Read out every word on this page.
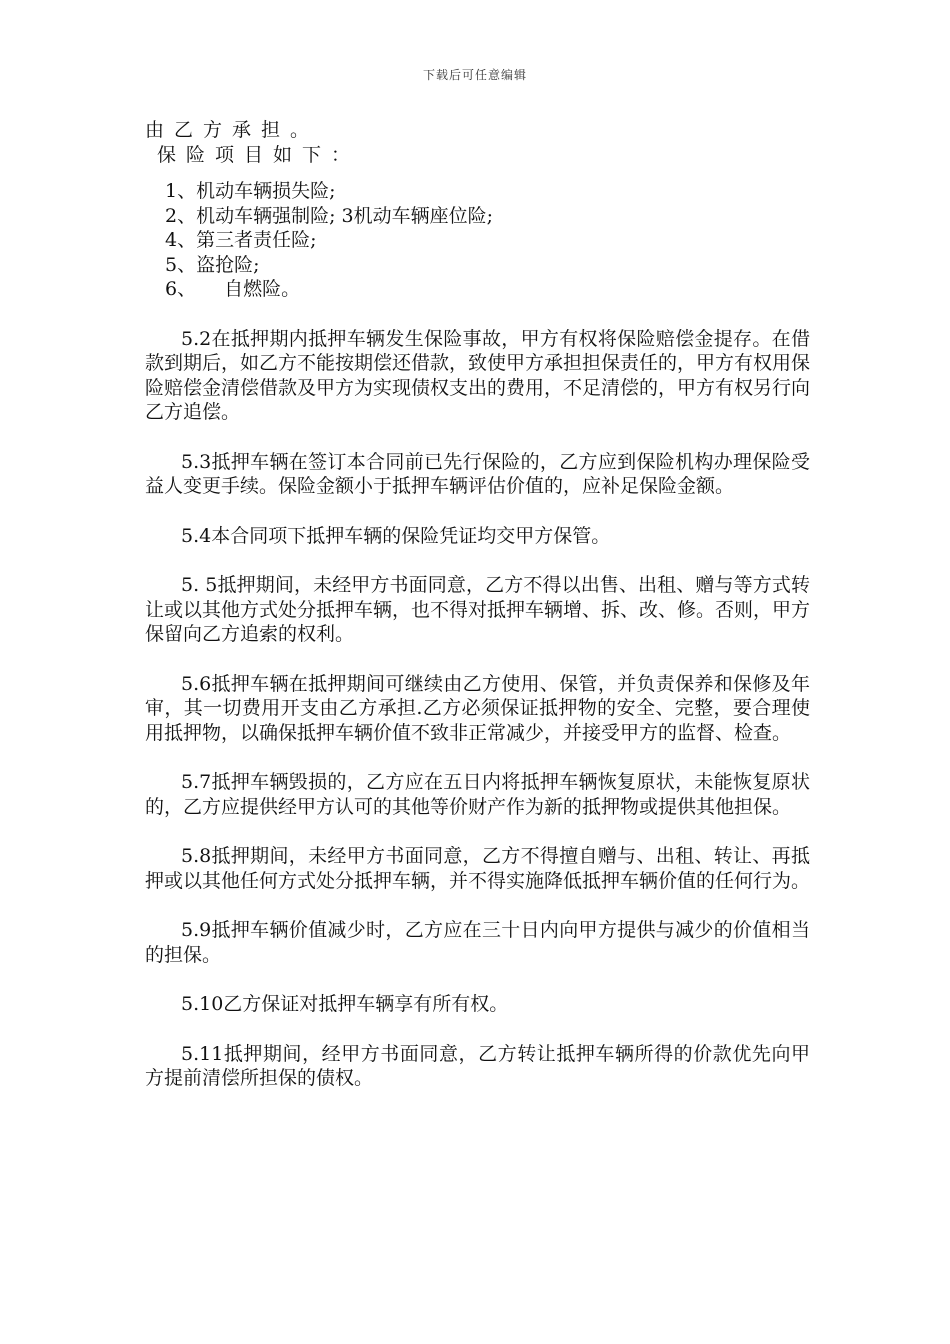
下载后可任意编辑

由乙方承担。

保险项目如下：

1、机动车辆损失险;

2、机动车辆强制险; 3机动车辆座位险;

4、第三者责任险;

5、盗抢险;

6、 自燃险。

5.2在抵押期内抵押车辆发生保险事故，甲方有权将保险赔偿金提存。在借款到期后，如乙方不能按期偿还借款，致使甲方承担担保责任的，甲方有权用保险赔偿金清偿借款及甲方为实现债权支出的费用，不足清偿的，甲方有权另行向乙方追偿。

5.3抵押车辆在签订本合同前已先行保险的，乙方应到保险机构办理保险受益人变更手续。保险金额小于抵押车辆评估价值的，应补足保险金额。

5.4本合同项下抵押车辆的保险凭证均交甲方保管。

5. 5抵押期间，未经甲方书面同意，乙方不得以出售、出租、赠与等方式转让或以其他方式处分抵押车辆，也不得对抵押车辆增、拆、改、修。否则，甲方保留向乙方追索的权利。

5.6抵押车辆在抵押期间可继续由乙方使用、保管，并负责保养和保修及年审，其一切费用开支由乙方承担.乙方必须保证抵押物的安全、完整，要合理使用抵押物，以确保抵押车辆价值不致非正常减少，并接受甲方的监督、检查。

5.7抵押车辆毁损的，乙方应在五日内将抵押车辆恢复原状，未能恢复原状的，乙方应提供经甲方认可的其他等价财产作为新的抵押物或提供其他担保。

5.8抵押期间，未经甲方书面同意，乙方不得擅自赠与、出租、转让、再抵押或以其他任何方式处分抵押车辆，并不得实施降低抵押车辆价值的任何行为。

5.9抵押车辆价值减少时，乙方应在三十日内向甲方提供与减少的价值相当的担保。

5.10乙方保证对抵押车辆享有所有权。

5.11抵押期间，经甲方书面同意，乙方转让抵押车辆所得的价款优先向甲方提前清偿所担保的债权。
